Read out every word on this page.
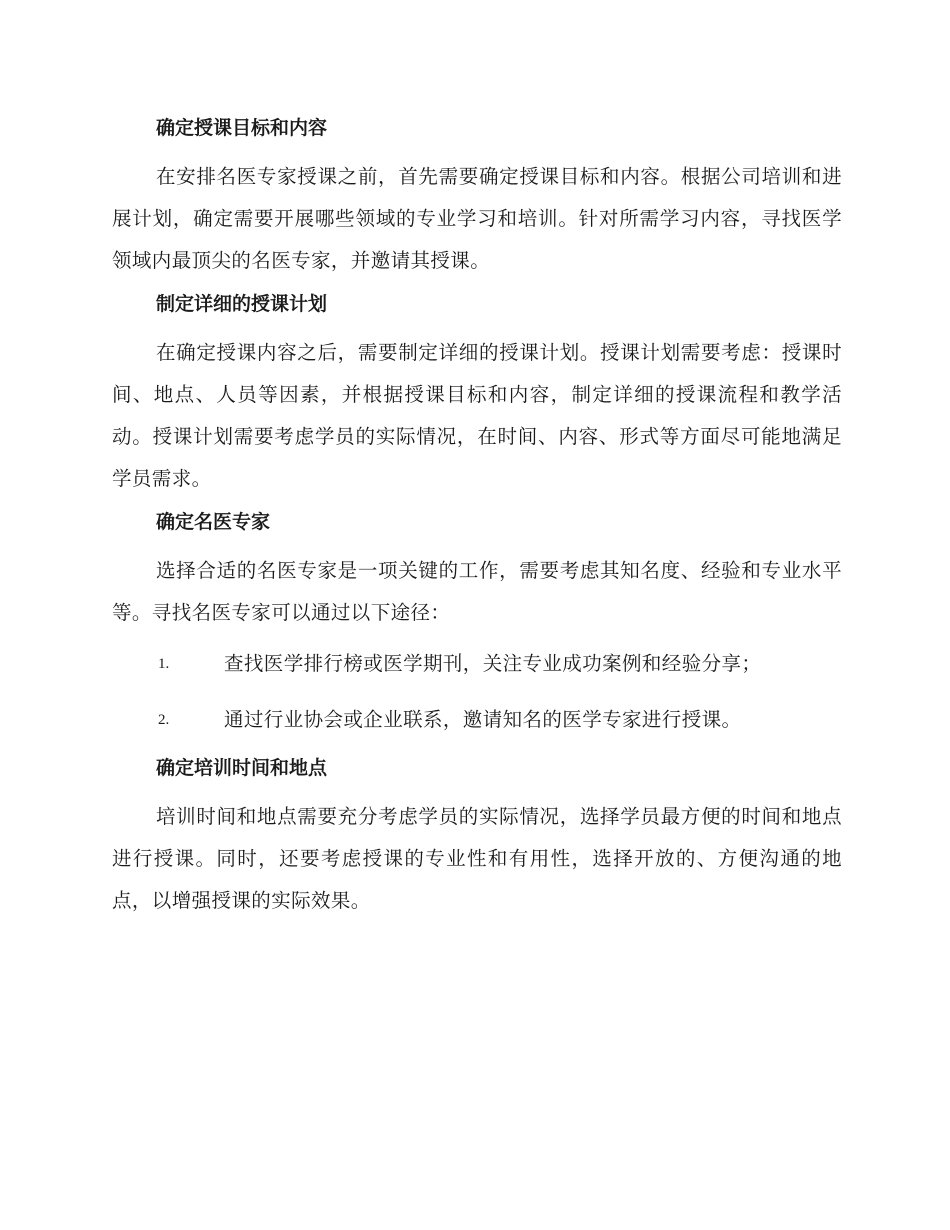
确定授课目标和内容

在安排名医专家授课之前，首先需要确定授课目标和内容。根据公司培训和进展计划，确定需要开展哪些领域的专业学习和培训。针对所需学习内容，寻找医学领域内最顶尖的名医专家，并邀请其授课。

制定详细的授课计划

在确定授课内容之后，需要制定详细的授课计划。授课计划需要考虑：授课时间、地点、人员等因素，并根据授课目标和内容，制定详细的授课流程和教学活动。授课计划需要考虑学员的实际情况，在时间、内容、形式等方面尽可能地满足学员需求。

确定名医专家

选择合适的名医专家是一项关键的工作，需要考虑其知名度、经验和专业水平等。寻找名医专家可以通过以下途径：

1.	查找医学排行榜或医学期刊，关注专业成功案例和经验分享；
2.	通过行业协会或企业联系，邀请知名的医学专家进行授课。
确定培训时间和地点

培训时间和地点需要充分考虑学员的实际情况，选择学员最方便的时间和地点进行授课。同时，还要考虑授课的专业性和有用性，选择开放的、方便沟通的地点，以增强授课的实际效果。
